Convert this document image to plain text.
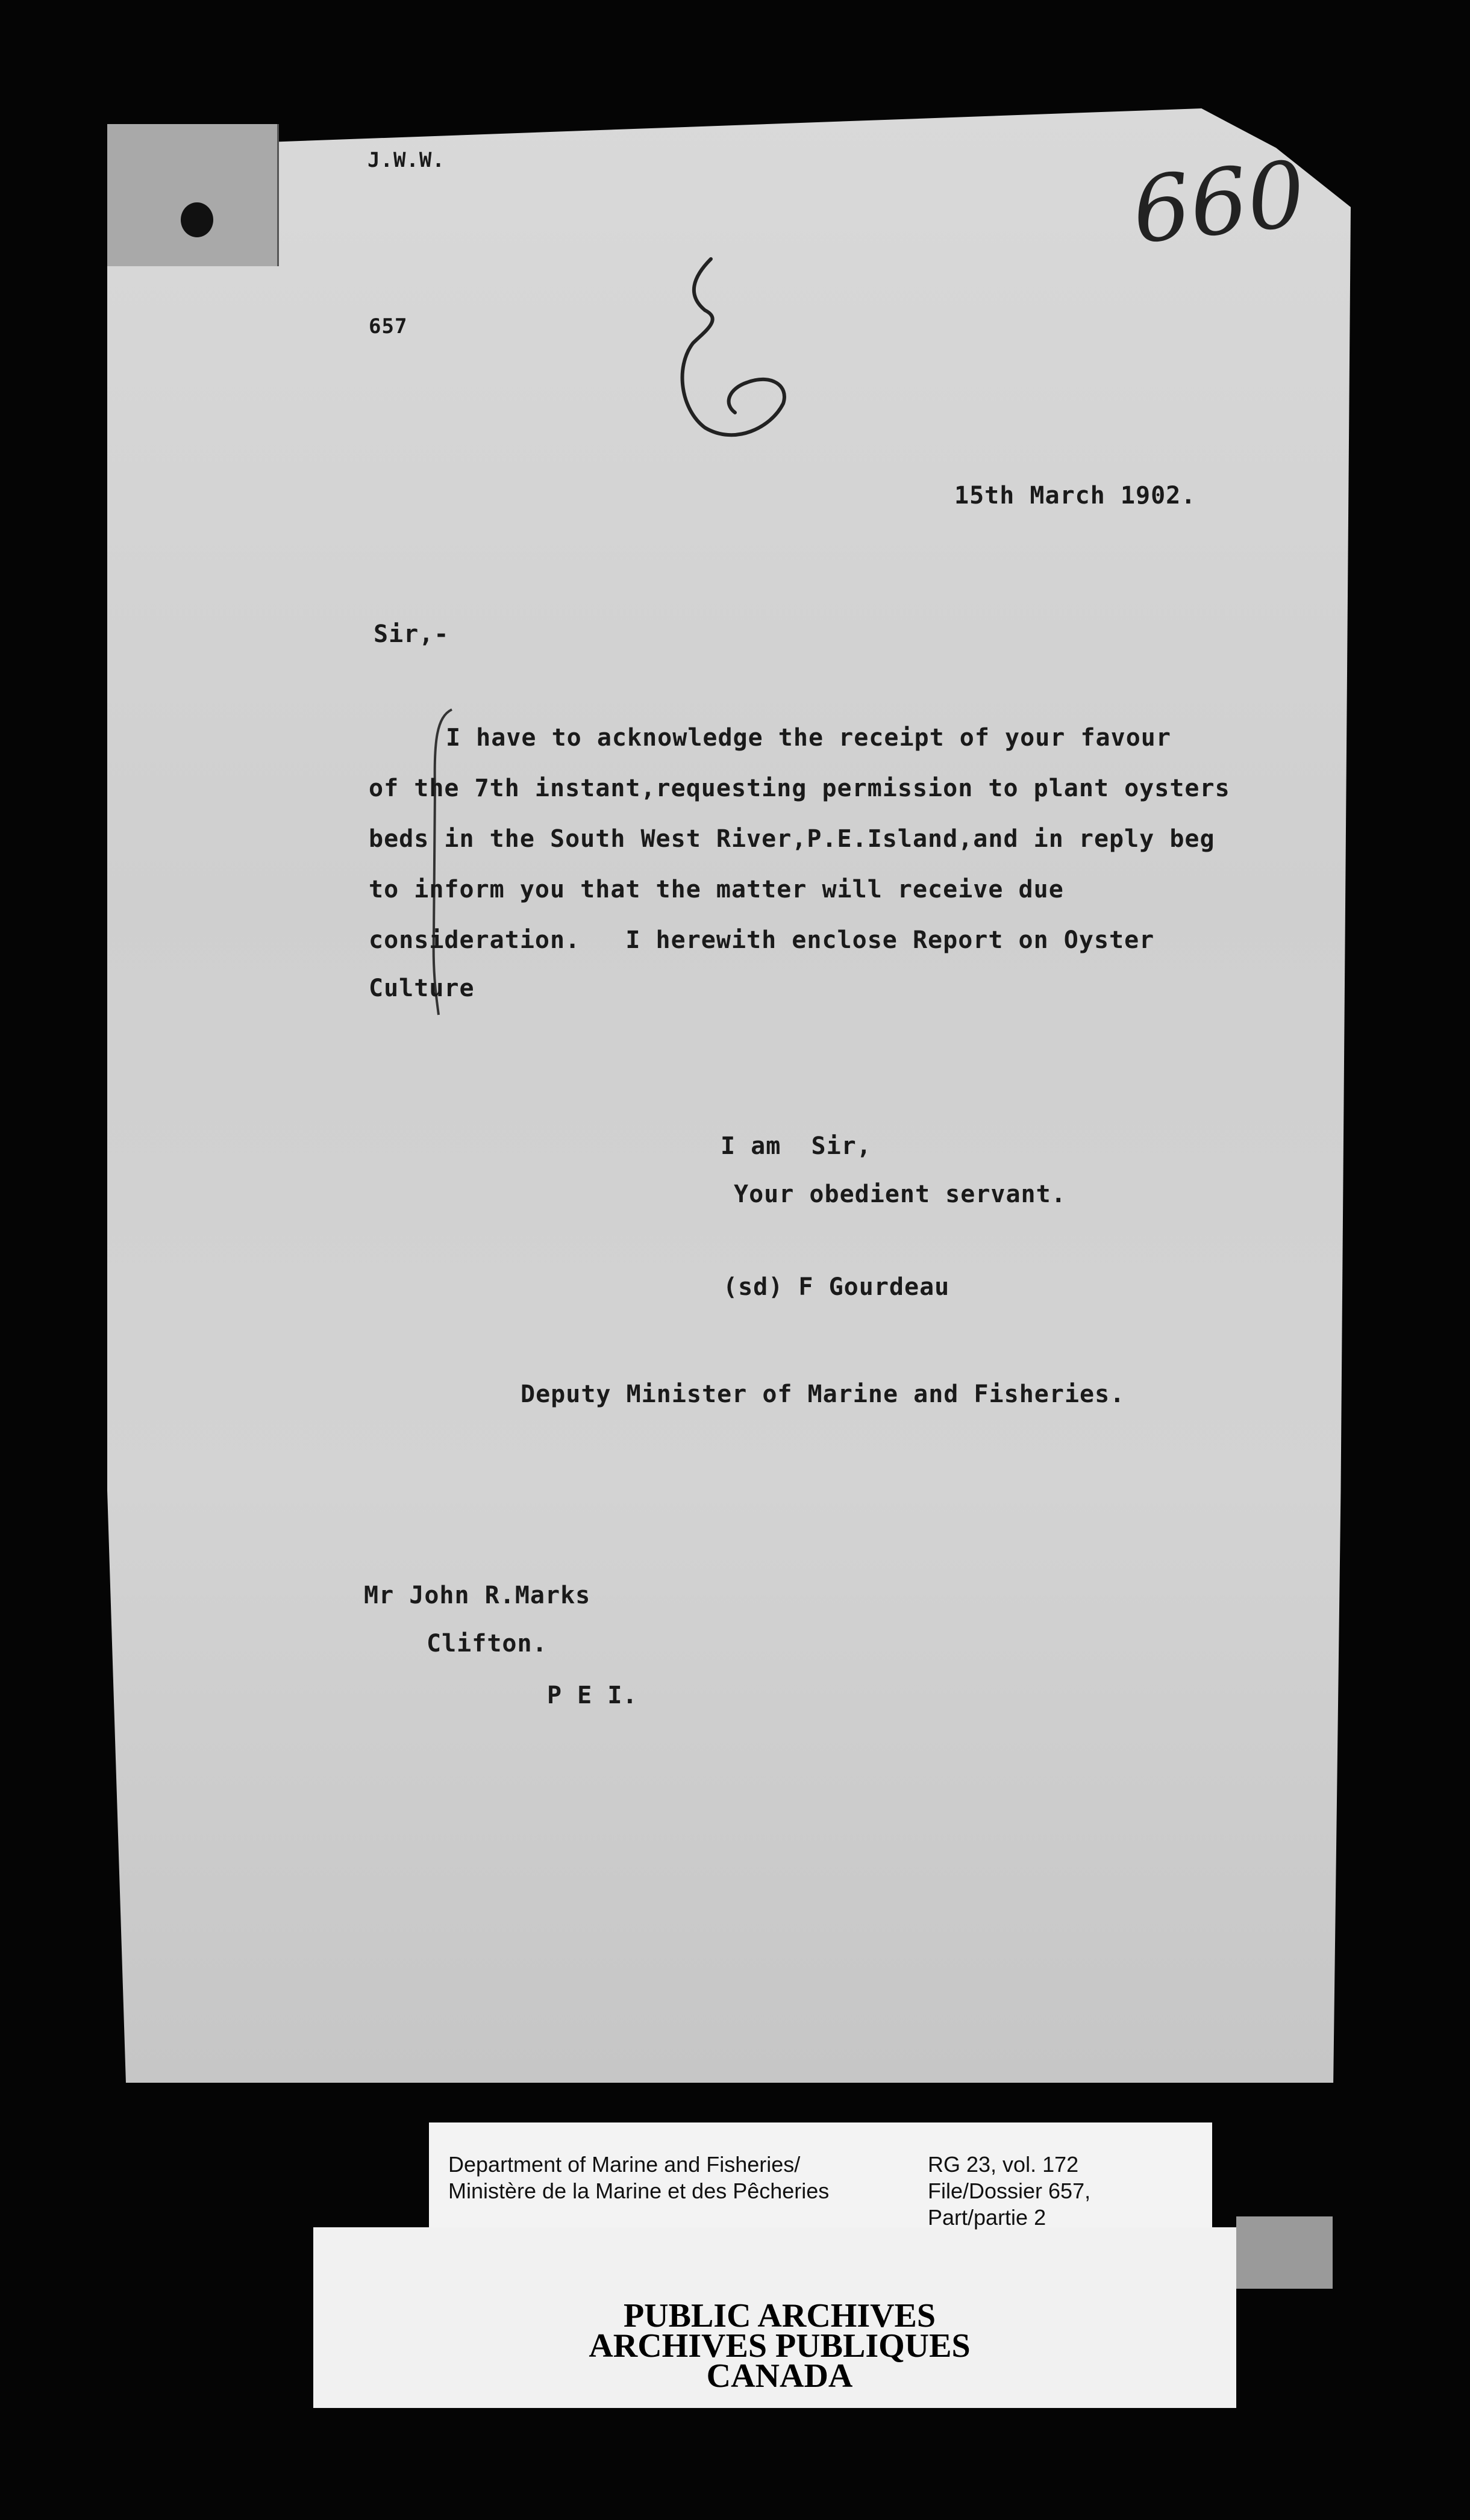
J.W.W.	660
657
15th March 1902.
Sir,-
I have to acknowledge the receipt of your favour
of the 7th instant,requesting permission to plant oysters
beds in the South West River,P.E.Island,and in reply beg
to inform you that the matter will receive due
consideration.   I herewith enclose Report on Oyster
Culture
I am  Sir,
Your obedient servant.
(sd) F Gourdeau
Deputy Minister of Marine and Fisheries.
Mr John R.Marks
Clifton.
P E I.
Department of Marine and Fisheries/
Ministère de la Marine et des Pêcheries
RG 23, vol. 172
File/Dossier 657,
Part/partie 2
PUBLIC ARCHIVES
ARCHIVES PUBLIQUES
CANADA
